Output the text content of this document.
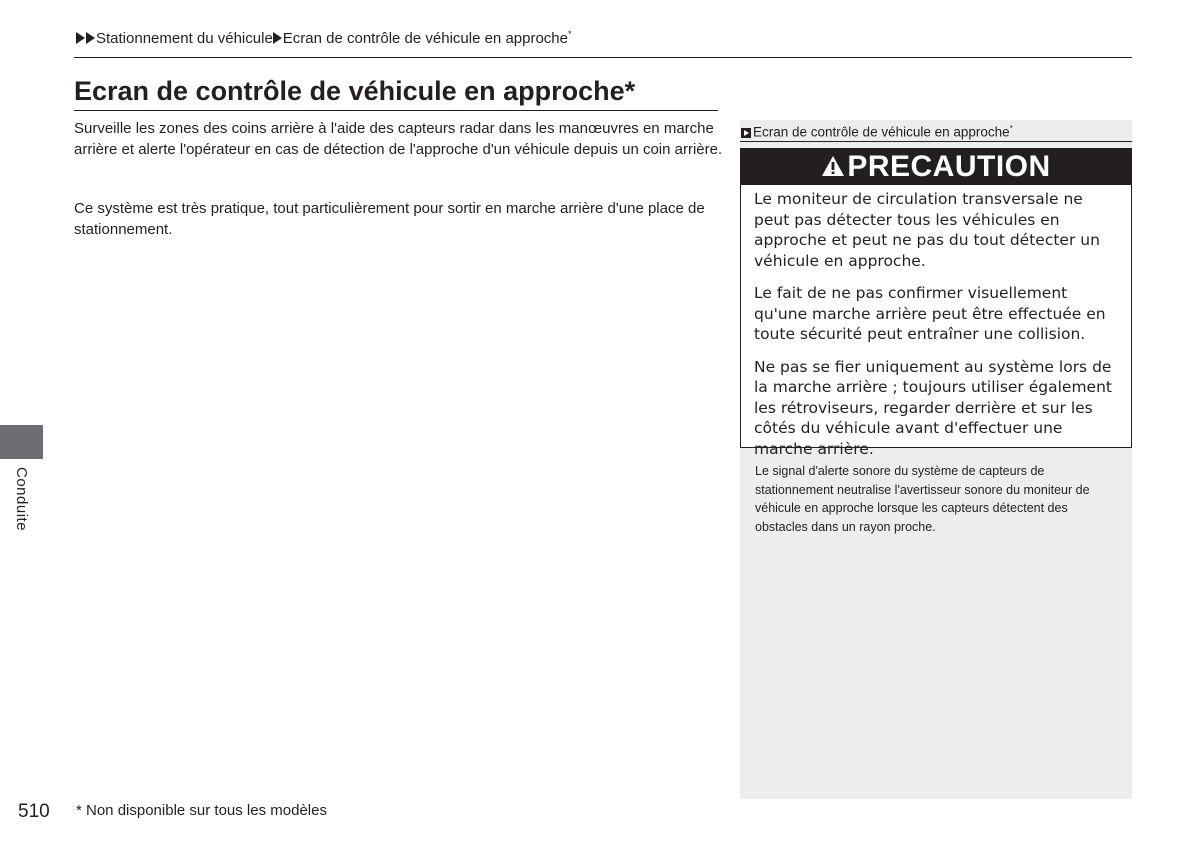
Stationnement du véhicule Ecran de contrôle de véhicule en approche*
Ecran de contrôle de véhicule en approche*

Surveille les zones des coins arrière à l'aide des capteurs radar dans les manœuvres en marche arrière et alerte l'opérateur en cas de détection de l'approche d'un véhicule depuis un coin arrière.

Ce système est très pratique, tout particulièrement pour sortir en marche arrière d'une place de stationnement.

Ecran de contrôle de véhicule en approche*
PRECAUTION

Le moniteur de circulation transversale ne peut pas détecter tous les véhicules en approche et peut ne pas du tout détecter un véhicule en approche.

Le fait de ne pas confirmer visuellement qu'une marche arrière peut être effectuée en toute sécurité peut entraîner une collision.

Ne pas se fier uniquement au système lors de la marche arrière ; toujours utiliser également les rétroviseurs, regarder derrière et sur les côtés du véhicule avant d'effectuer une marche arrière.

Le signal d'alerte sonore du système de capteurs de stationnement neutralise l'avertisseur sonore du moniteur de véhicule en approche lorsque les capteurs détectent des obstacles dans un rayon proche.

Conduite
510 * Non disponible sur tous les modèles
